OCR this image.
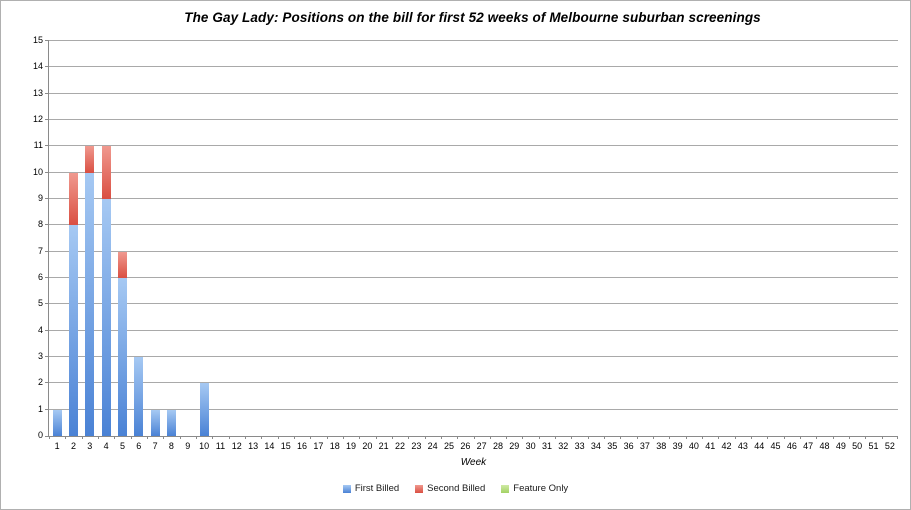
The Gay Lady: Positions on the bill for first 52 weeks of Melbourne suburban screenings
Week
0
1
2
3
4
5
6
7
8
9
10
11
12
13
14
15
1	2	3	4	5	6	7	8	9 10 11 12 13 14 15 16 17 18 19 20 21 22 23 24 25 26 27 28 29 30 31 32 33 34 35 36 37 38 39 40 41 42 43 44 45 46 47 48 49 50 51 52
First Billed	Second Billed	Feature Only
